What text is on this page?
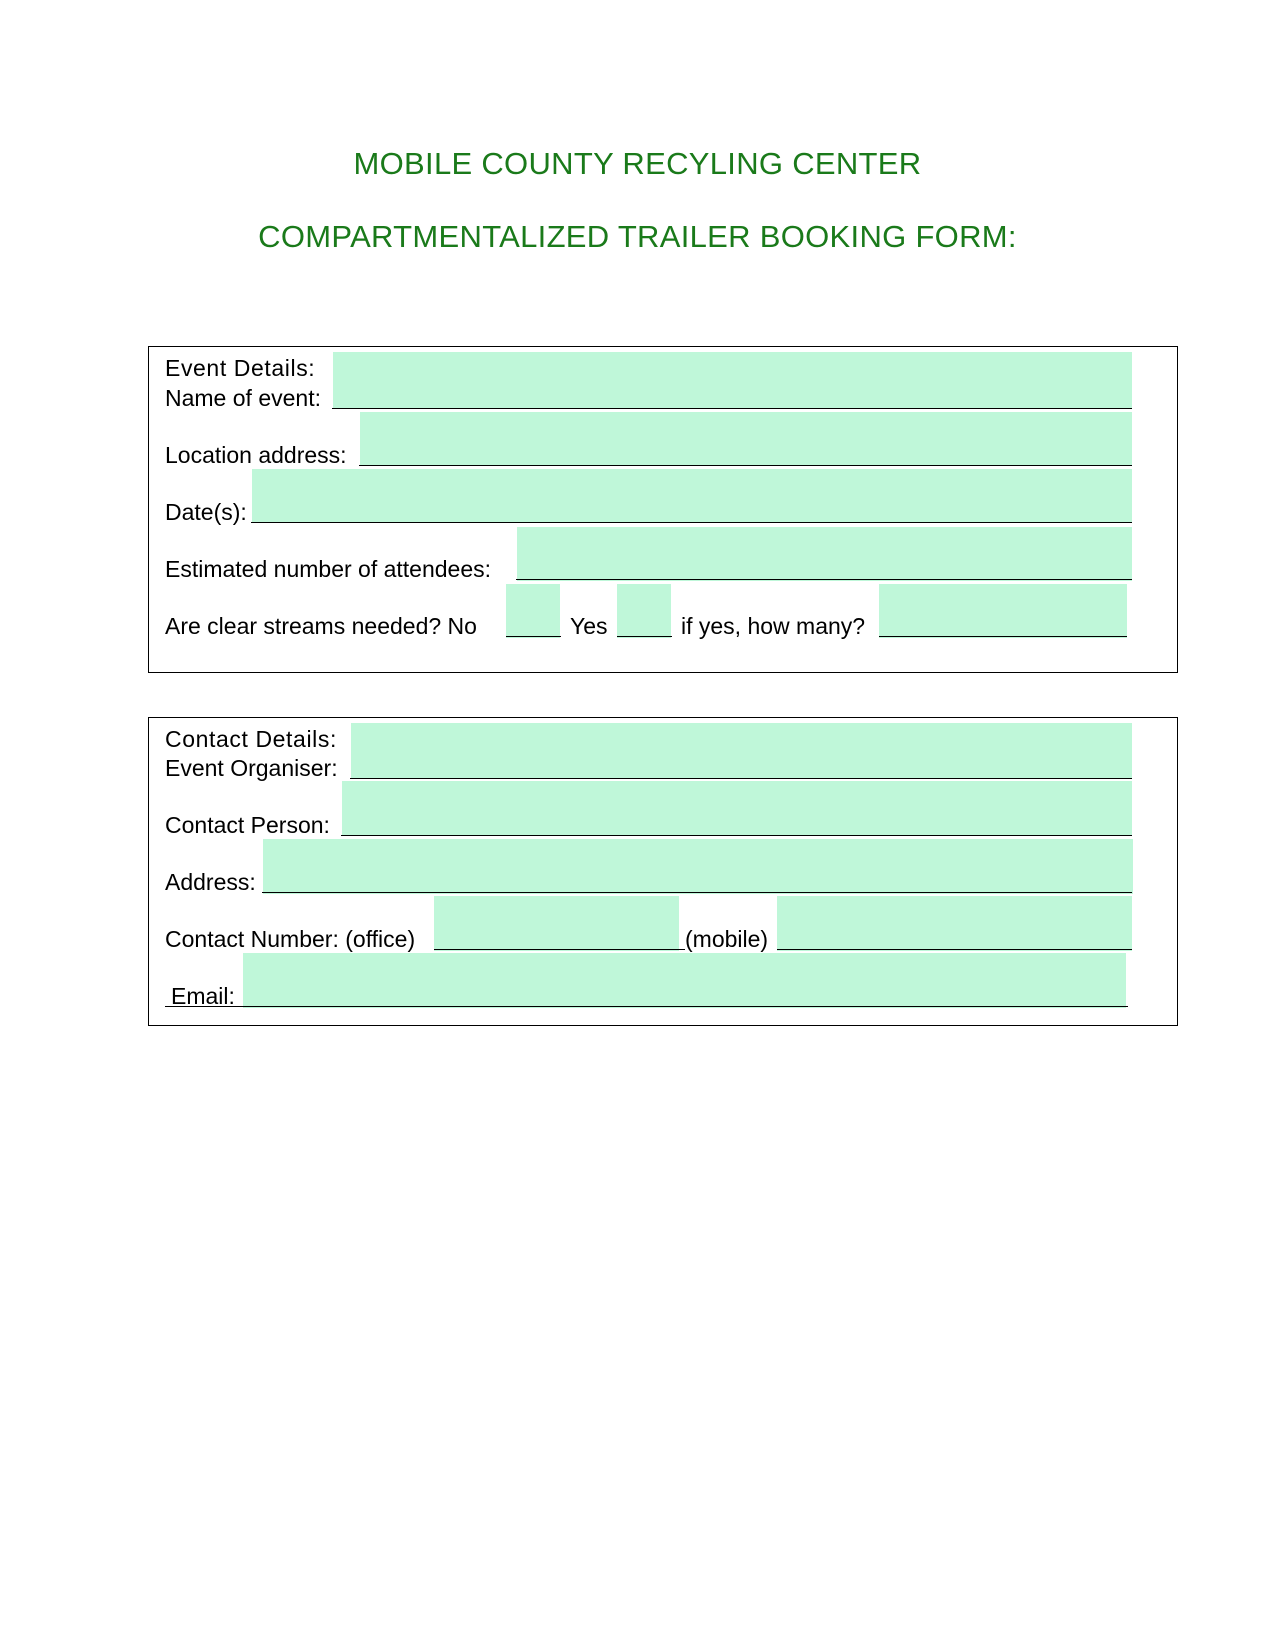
MOBILE COUNTY RECYLING CENTER
COMPARTMENTALIZED TRAILER BOOKING FORM:
Event Details:
Name of event:
Location address:
Date(s):
Estimated number of attendees:
Are clear streams needed? No	Yes	if yes, how many?
Contact Details:
Event Organiser:
Contact Person:
Address:
Contact Number: (office)	(mobile)
Email:
